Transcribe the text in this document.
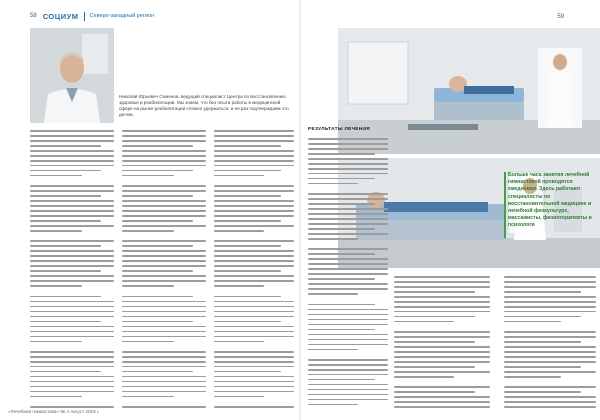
58 СОЦИУМ Северо-западный регион	59
Николай Юрьевич Семенов, ведущий специалист Центра по восстановлению здоровья и реабилитации. Мы знаем, что без опыта работы в медицинской сфере на рынке реабилитации сложно удержаться, и не раз подтверждаем это делом.
РЕЗУЛЬТАТЫ ЛЕЧЕНИЯ
Больше часа занятия лечебной гимнастикой проводятся ежедневно. Здесь работают специалисты по восстановительной медицине и лечебной физкультуре, массажисты, физиотерапевты и психологи
«Лечебная гимнастика» № 4 Август 2018 г.
